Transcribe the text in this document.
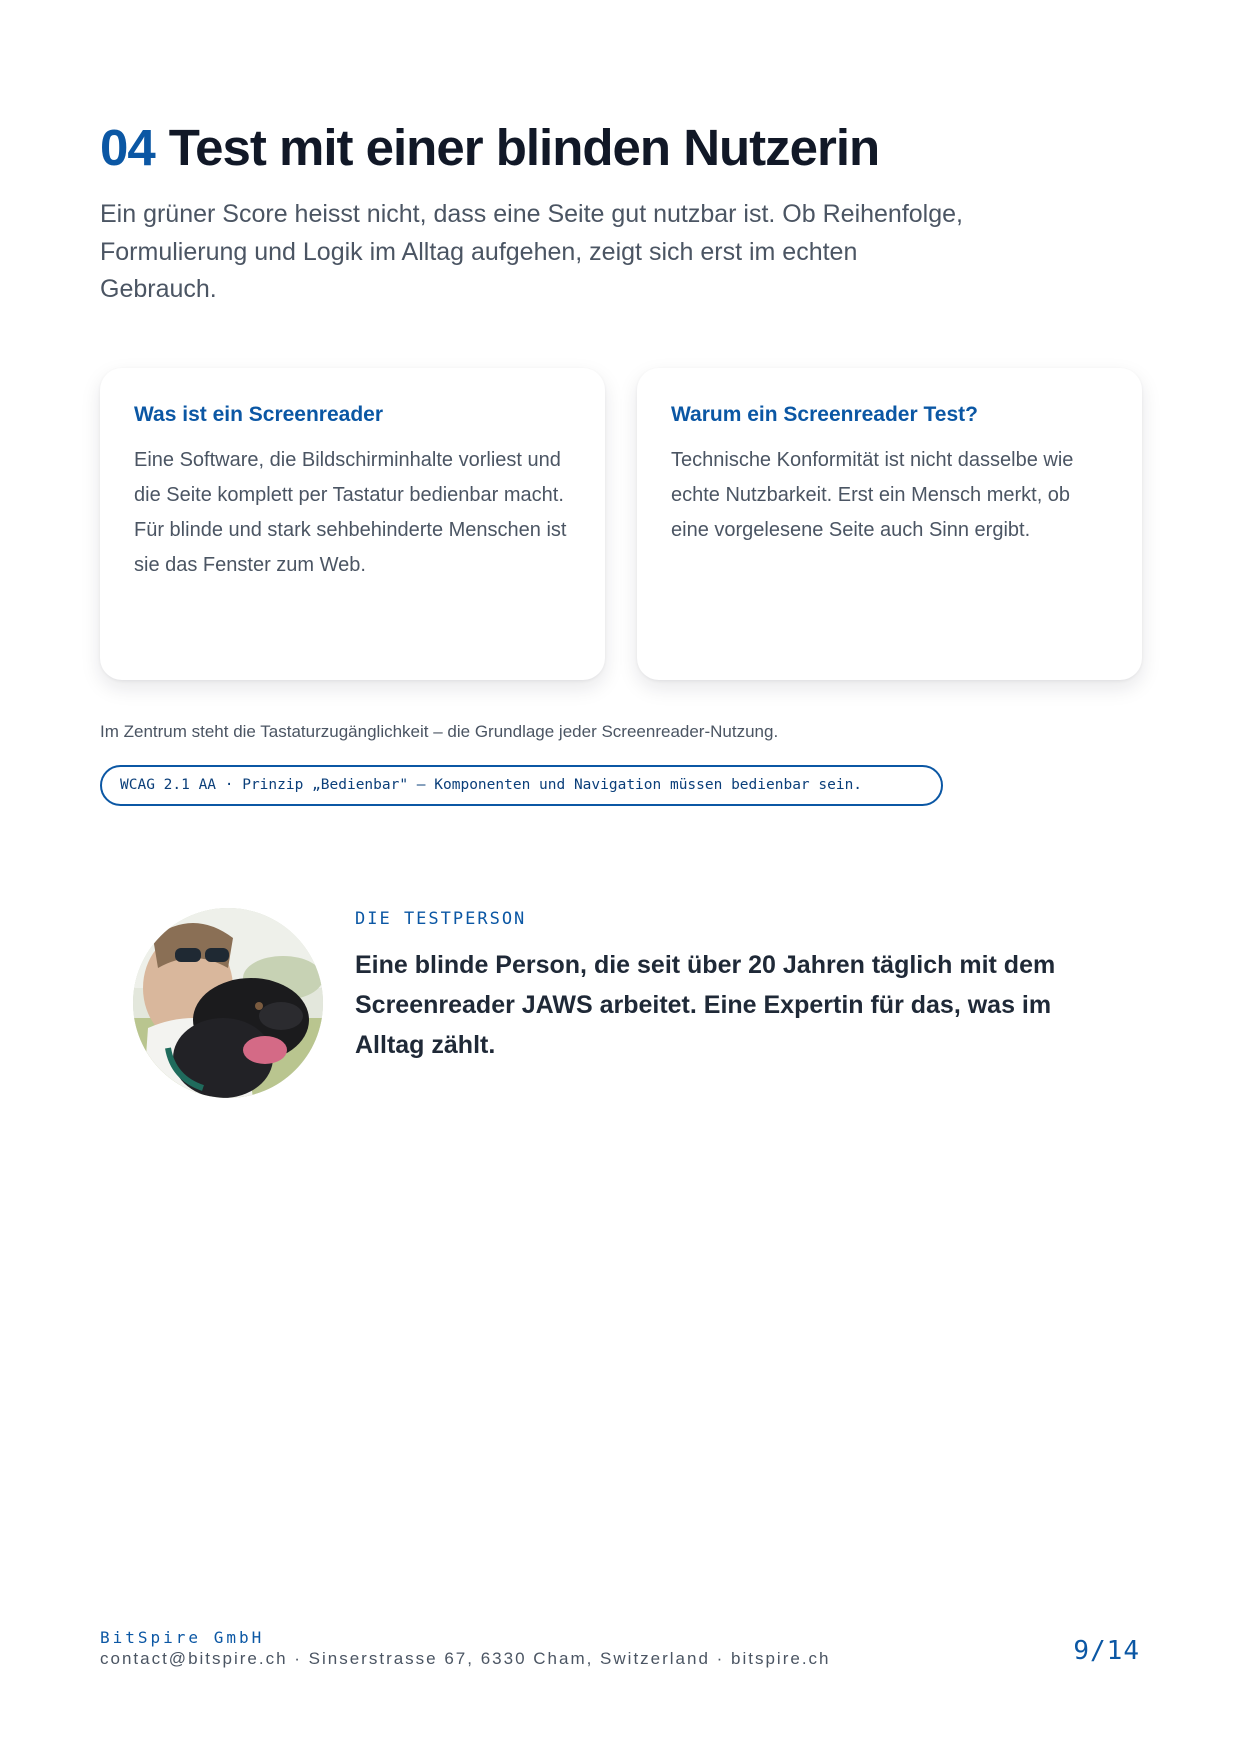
04 Test mit einer blinden Nutzerin

Ein grüner Score heisst nicht, dass eine Seite gut nutzbar ist. Ob Reihenfolge, Formulierung und Logik im Alltag aufgehen, zeigt sich erst im echten Gebrauch.

Was ist ein Screenreader

Eine Software, die Bildschirminhalte vorliest und die Seite komplett per Tastatur bedienbar macht. Für blinde und stark sehbehinderte Menschen ist sie das Fenster zum Web.

Warum ein Screenreader Test?

Technische Konformität ist nicht dasselbe wie echte Nutzbarkeit. Erst ein Mensch merkt, ob eine vorgelesene Seite auch Sinn ergibt.

Im Zentrum steht die Tastaturzugänglichkeit – die Grundlage jeder Screenreader-Nutzung.

WCAG 2.1 AA · Prinzip „Bedienbar" — Komponenten und Navigation müssen bedienbar sein.

DIE TESTPERSON

Eine blinde Person, die seit über 20 Jahren täglich mit dem Screenreader JAWS arbeitet. Eine Expertin für das, was im Alltag zählt.

BitSpire GmbH

contact@bitspire.ch · Sinserstrasse 67, 6330 Cham, Switzerland · bitspire.ch	9/14
